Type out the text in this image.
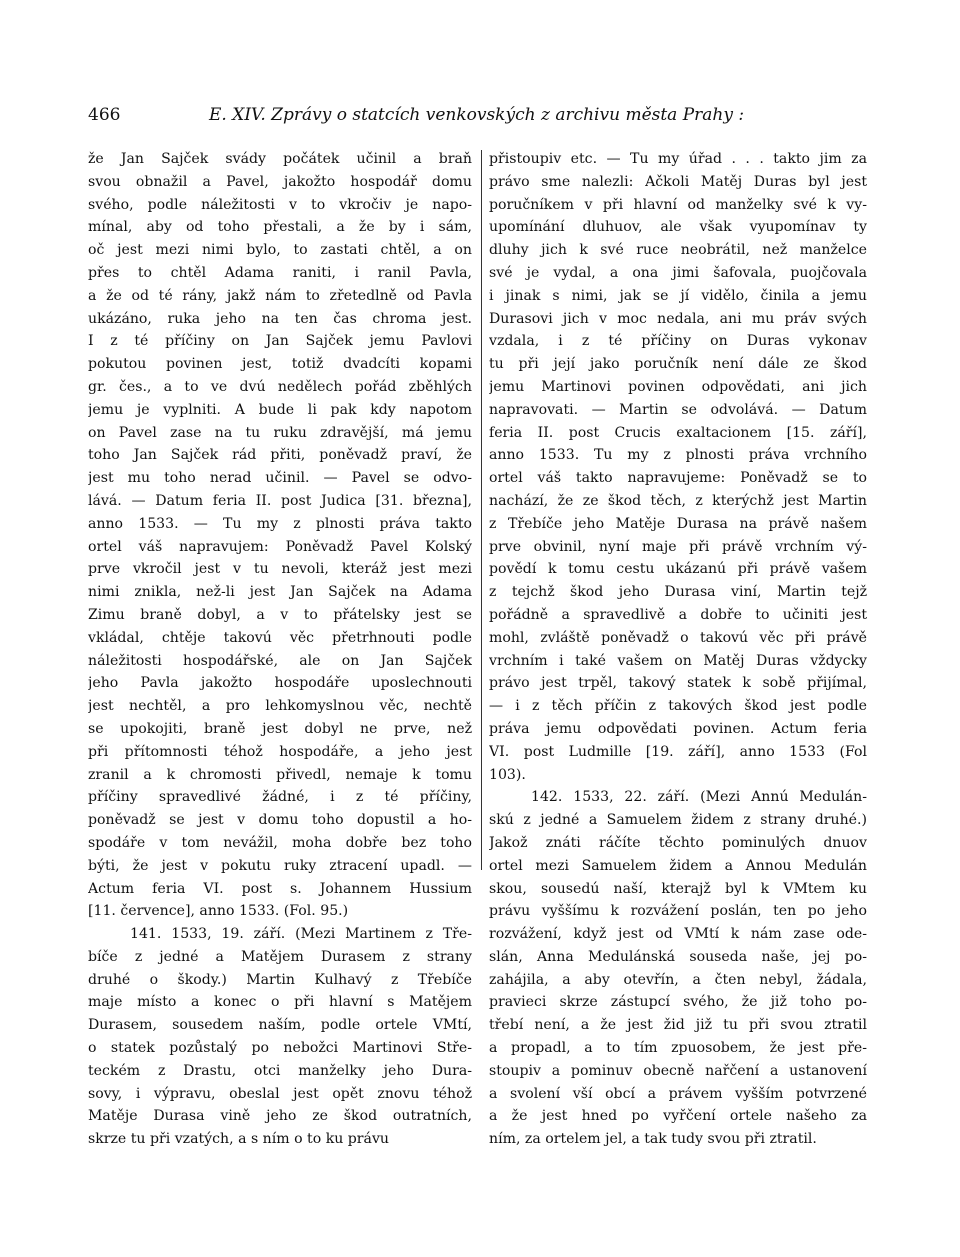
466	E. XIV. Zprávy o statcích venkovských z archivu města Prahy :
že Jan Sajček svády počátek učinil a braň
svou obnažil a Pavel, jakožto hospodář domu
svého, podle náležitosti v to vkročiv je napo-
mínal, aby od toho přestali, a že by i sám,
oč jest mezi nimi bylo, to zastati chtěl, a on
přes to chtěl Adama raniti, i ranil Pavla,
a že od té rány, jakž nám to zřetedlně od Pavla
ukázáno, ruka jeho na ten čas chroma jest.
I z té příčiny on Jan Sajček jemu Pavlovi
pokutou povinen jest, totiž dvadcíti kopami
gr. čes., a to ve dvú nedělech pořád zběhlých
jemu je vyplniti. A bude li pak kdy napotom
on Pavel zase na tu ruku zdravější, má jemu
toho Jan Sajček rád přiti, poněvadž praví, že
jest mu toho nerad učinil. — Pavel se odvo-
lává. — Datum feria II. post Judica [31. března],
anno 1533. — Tu my z plnosti práva takto
ortel váš napravujem: Poněvadž Pavel Kolský
prve vkročil jest v tu nevoli, kteráž jest mezi
nimi znikla, než-li jest Jan Sajček na Adama
Zimu braně dobyl, a v to přátelsky jest se
vkládal, chtěje takovú věc přetrhnouti podle
náležitosti hospodářské, ale on Jan Sajček
jeho Pavla jakožto hospodáře uposlechnouti
jest nechtěl, a pro lehkomyslnou věc, nechtě
se upokojiti, braně jest dobyl ne prve, než
při přítomnosti téhož hospodáře, a jeho jest
zranil a k chromosti přivedl, nemaje k tomu
příčiny spravedlivé žádné, i z té příčiny,
poněvadž se jest v domu toho dopustil a ho-
spodáře v tom nevážil, moha dobře bez toho
býti, že jest v pokutu ruky ztracení upadl. —
Actum feria VI. post s. Johannem Hussium
[11. července], anno 1533. (Fol. 95.)
141. 1533, 19. září. (Mezi Martinem z Tře-
bíče z jedné a Matějem Durasem z strany
druhé o škody.) Martin Kulhavý z Třebíče
maje místo a konec o při hlavní s Matějem
Durasem, sousedem naším, podle ortele VMtí,
o statek pozůstalý po nebožci Martinovi Stře-
teckém z Drastu, otci manželky jeho Dura-
sovy, i výpravu, obeslal jest opět znovu téhož
Matěje Durasa vině jeho ze škod outratních,
skrze tu při vzatých, a s ním o to ku právu
přistoupiv etc. — Tu my úřad . . . takto jim za
právo sme nalezli: Ačkoli Matěj Duras byl jest
poručníkem v při hlavní od manželky své k vy-
upomínání dluhuov, ale však vyupomínav ty
dluhy jich k své ruce neobrátil, než manželce
své je vydal, a ona jimi šafovala, puojčovala
i jinak s nimi, jak se jí vidělo, činila a jemu
Durasovi jich v moc nedala, ani mu práv svých
vzdala, i z té příčiny on Duras vykonav
tu při její jako poručník není dále ze škod
jemu Martinovi povinen odpovědati, ani jich
napravovati. — Martin se odvolává. — Datum
feria II. post Crucis exaltacionem [15. září],
anno 1533. Tu my z plnosti práva vrchního
ortel váš takto napravujeme: Poněvadž se to
nachází, že ze škod těch, z kterýchž jest Martin
z Třebíče jeho Matěje Durasa na právě našem
prve obvinil, nyní maje při právě vrchním vý-
povědí k tomu cestu ukázanú při právě vašem
z tejchž škod jeho Durasa viní, Martin tejž
pořádně a spravedlivě a dobře to učiniti jest
mohl, zvláště poněvadž o takovú věc při právě
vrchním i také vašem on Matěj Duras vždycky
právo jest trpěl, takový statek k sobě přijímal,
— i z těch příčin z takových škod jest podle
práva jemu odpovědati povinen. Actum feria
VI. post Ludmille [19. září], anno 1533 (Fol
103).
142. 1533, 22. září. (Mezi Annú Medulán-
skú z jedné a Samuelem židem z strany druhé.)
Jakož znáti ráčíte těchto pominulých dnuov
ortel mezi Samuelem židem a Annou Medulán
skou, sousedú naší, kterajž byl k VMtem ku
právu vyššímu k rozvážení poslán, ten po jeho
rozvážení, když jest od VMtí k nám zase ode-
slán, Anna Medulánská souseda naše, jej po-
zahájila, a aby otevřín, a čten nebyl, žádala,
pravieci skrze zástupcí svého, že již toho po-
třebí není, a že jest žid již tu při svou ztratil
a propadl, a to tím zpuosobem, že jest pře-
stoupiv a pominuv obecně nařčení a ustanovení
a svolení vší obcí a právem vyšším potvrzené
a že jest hned po vyřčení ortele našeho za
ním, za ortelem jel, a tak tudy svou při ztratil.
